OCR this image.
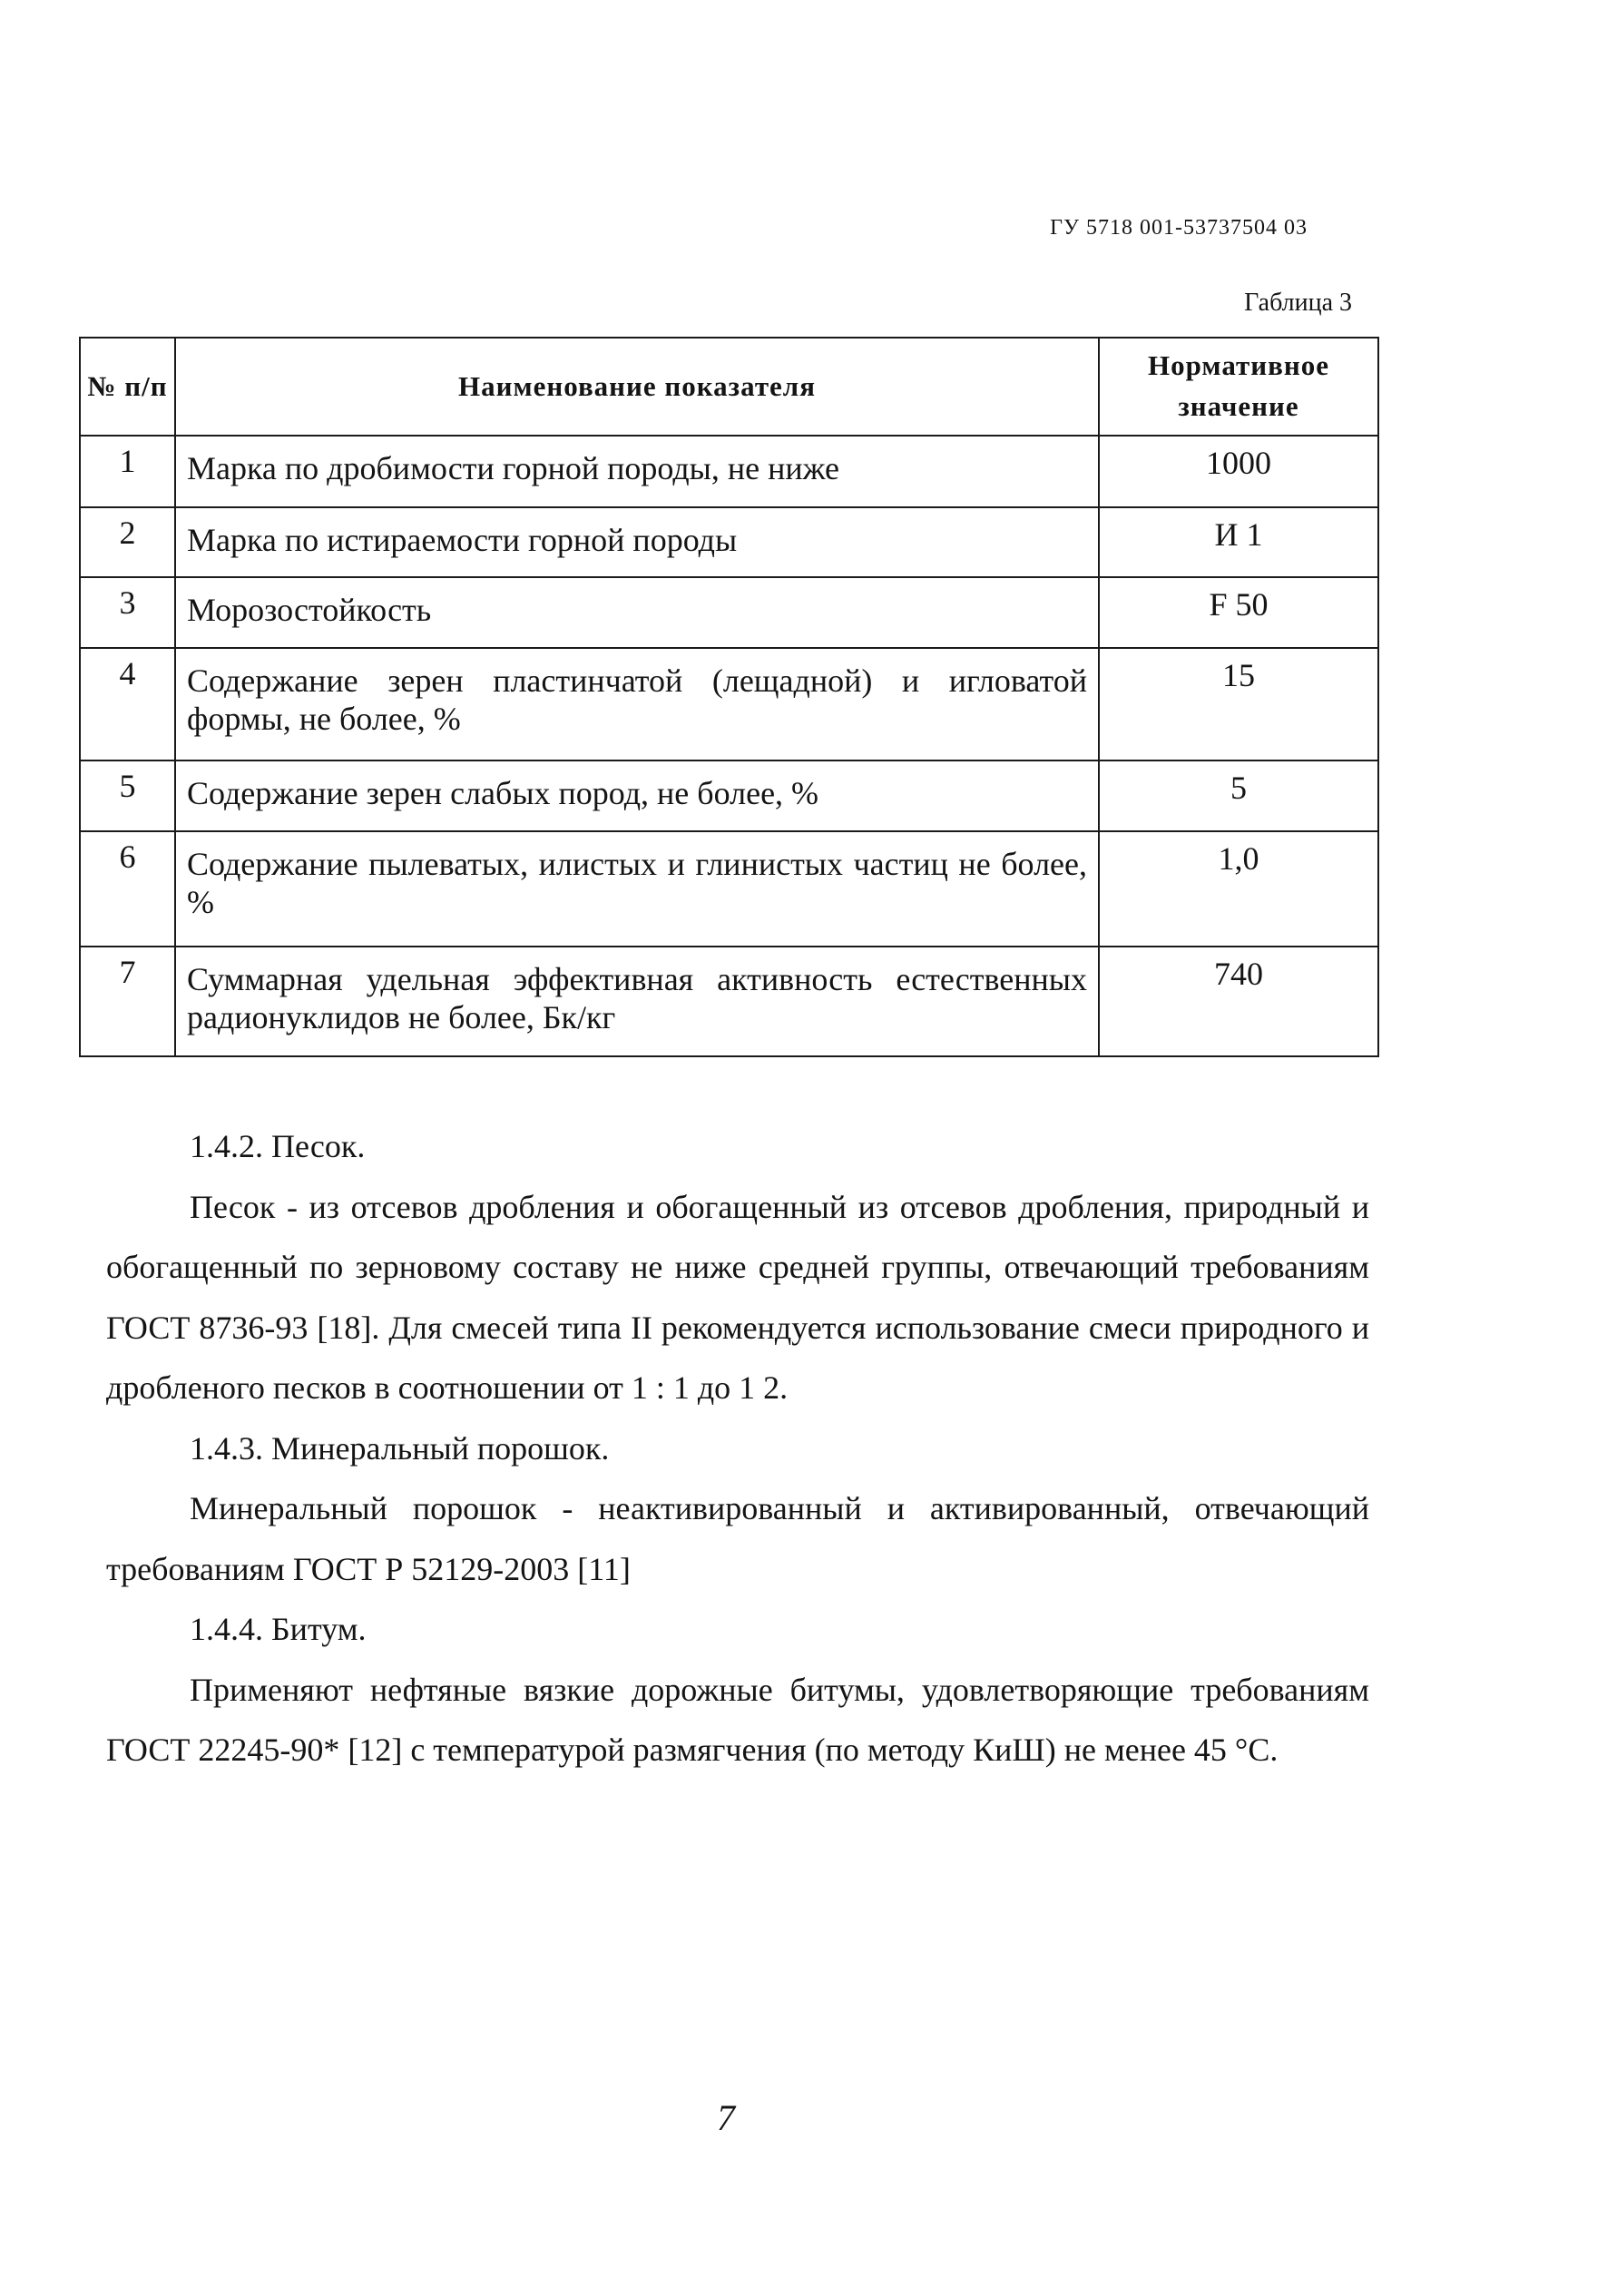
ГУ 5718 001-53737504 03
Габлица 3
№ п/п	Наименование показателя	Нормативное значение
1	Марка по дробимости горной породы, не ниже	1000
2	Марка по истираемости горной породы	И 1
3	Морозостойкость	F 50
4	Содержание зерен пластинчатой (лещадной) и игловатой формы, не более, %	15
5	Содержание зерен слабых пород, не более, %	5
6	Содержание пылеватых, илистых и глинистых частиц не более, %	1,0
7	Суммарная удельная эффективная активность естественных радионуклидов не более, Бк/кг	740

1.4.2. Песок.

Песок - из отсевов дробления и обогащенный из отсевов дробления, природный и обогащенный по зерновому составу не ниже средней группы, отвечающий требованиям ГОСТ 8736-93 [18]. Для смесей типа II рекомендуется использование смеси природного и дробленого песков в соотношении от 1 : 1 до 1 2.

1.4.3. Минеральный порошок.

Минеральный порошок - неактивированный и активированный, отвечающий требованиям ГОСТ Р 52129-2003 [11]

1.4.4. Битум.

Применяют нефтяные вязкие дорожные битумы, удовлетворяющие требованиям ГОСТ 22245-90* [12] с температурой размягчения (по методу КиШ) не менее 45 °С.

7
